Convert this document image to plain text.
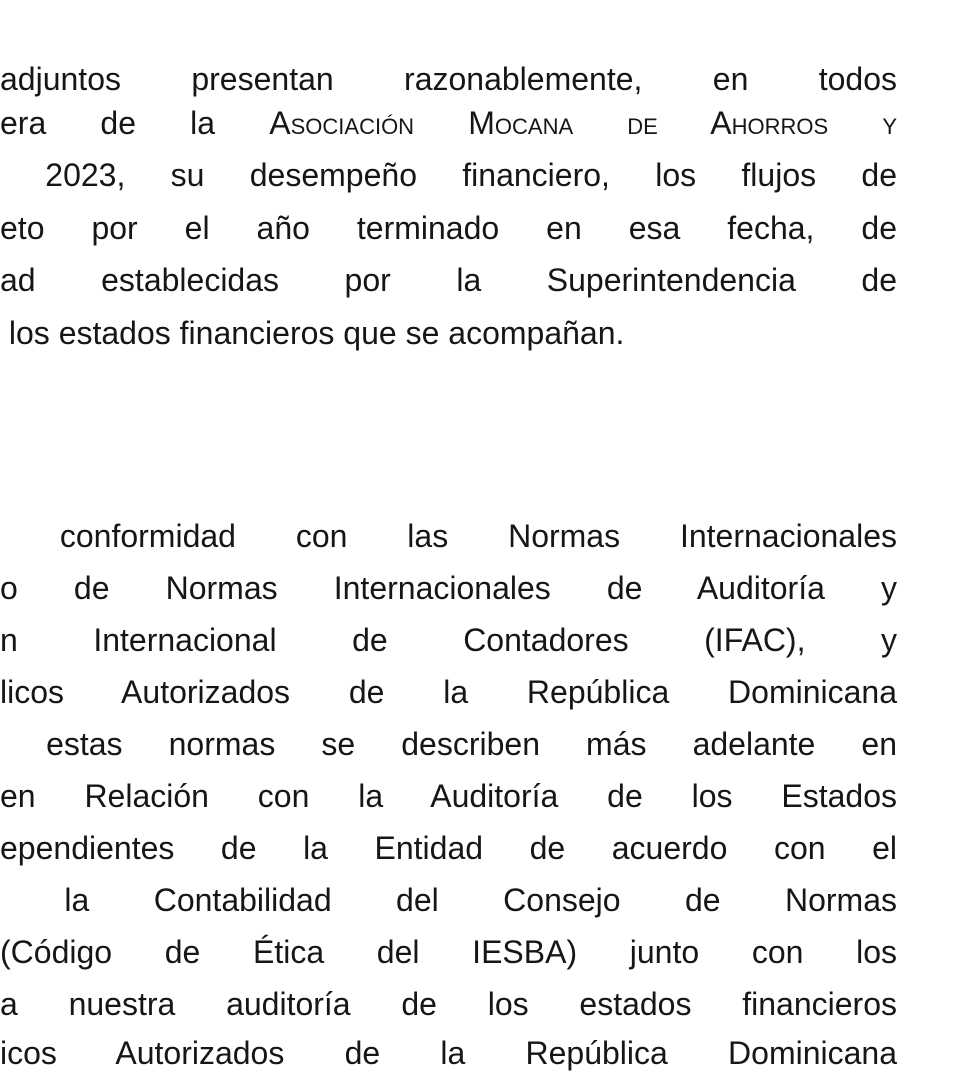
adjuntos presentan razonablemente, en todos
era de la Asociación Mocana de Ahorros y
2023, su desempeño financiero, los flujos de
eto por el año terminado en esa fecha, de
ad establecidas por la Superintendencia de
los estados financieros que se acompañan.
conformidad con las Normas Internacionales
o de Normas Internacionales de Auditoría y
n Internacional de Contadores (IFAC), y
licos Autorizados de la República Dominicana
estas normas se describen más adelante en
en Relación con la Auditoría de los Estados
ependientes de la Entidad de acuerdo con el
la Contabilidad del Consejo de Normas
(Código de Ética del IESBA) junto con los
a nuestra auditoría de los estados financieros
icos Autorizados de la República Dominicana
